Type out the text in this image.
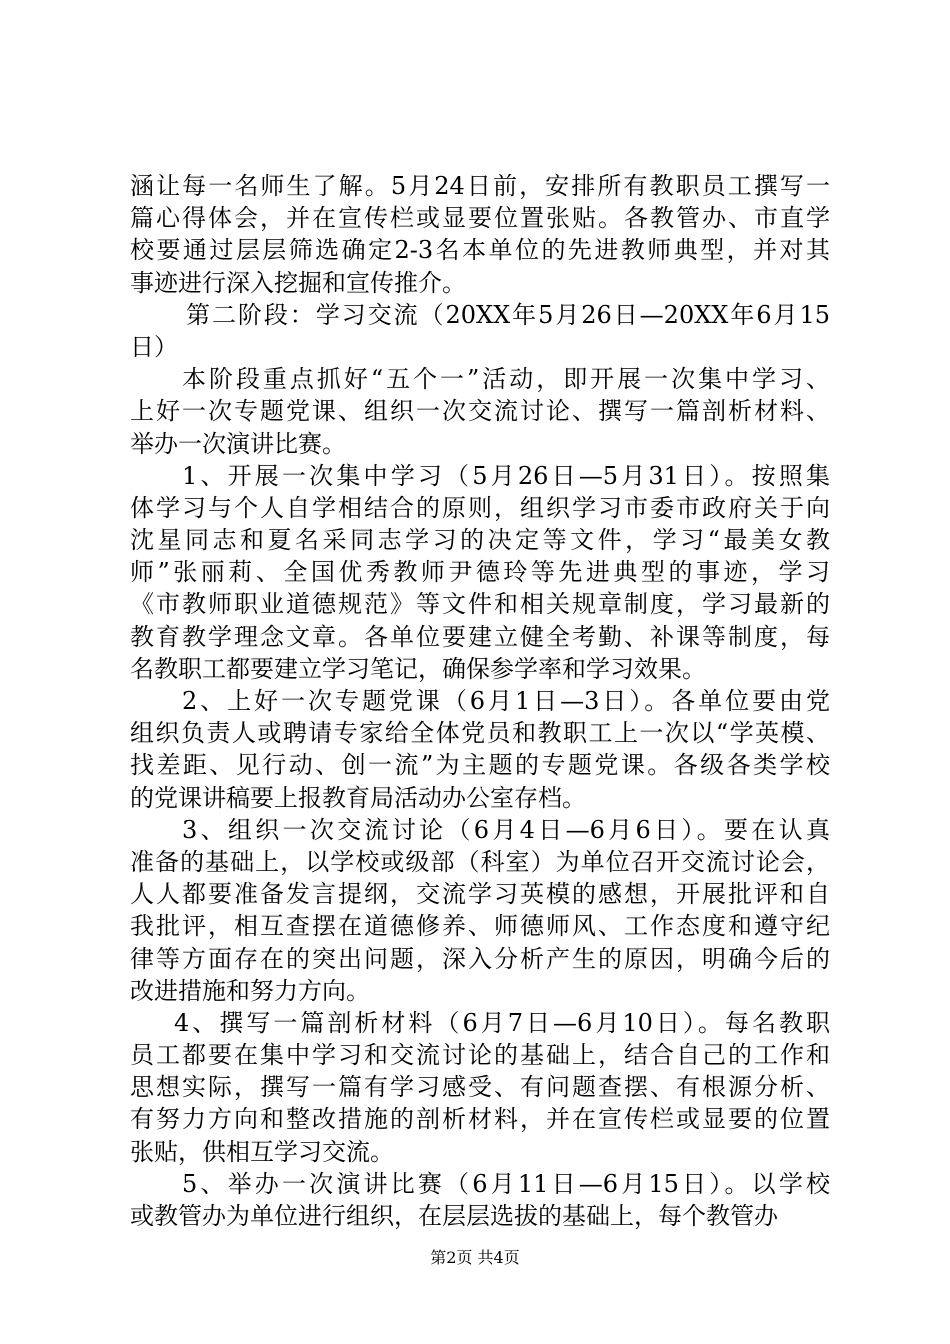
涵让每一名师生了解。5月24日前，安排所有教职员工撰写一
篇心得体会，并在宣传栏或显要位置张贴。各教管办、市直学
校要通过层层筛选确定2-3名本单位的先进教师典型，并对其
事迹进行深入挖掘和宣传推介。
第二阶段：学习交流（20XX年5月26日—20XX年6月15
日）
本阶段重点抓好“五个一”活动，即开展一次集中学习、
上好一次专题党课、组织一次交流讨论、撰写一篇剖析材料、
举办一次演讲比赛。
1、开展一次集中学习（5月26日—5月31日）。按照集
体学习与个人自学相结合的原则，组织学习市委市政府关于向
沈星同志和夏名采同志学习的决定等文件，学习“最美女教
师”张丽莉、全国优秀教师尹德玲等先进典型的事迹，学习
《市教师职业道德规范》等文件和相关规章制度，学习最新的
教育教学理念文章。各单位要建立健全考勤、补课等制度，每
名教职工都要建立学习笔记，确保参学率和学习效果。
2、上好一次专题党课（6月1日—3日）。各单位要由党
组织负责人或聘请专家给全体党员和教职工上一次以“学英模、
找差距、见行动、创一流”为主题的专题党课。各级各类学校
的党课讲稿要上报教育局活动办公室存档。
3、组织一次交流讨论（6月4日—6月6日）。要在认真
准备的基础上，以学校或级部（科室）为单位召开交流讨论会，
人人都要准备发言提纲，交流学习英模的感想，开展批评和自
我批评，相互查摆在道德修养、师德师风、工作态度和遵守纪
律等方面存在的突出问题，深入分析产生的原因，明确今后的
改进措施和努力方向。
4、撰写一篇剖析材料（6月7日—6月10日）。每名教职
员工都要在集中学习和交流讨论的基础上，结合自己的工作和
思想实际，撰写一篇有学习感受、有问题查摆、有根源分析、
有努力方向和整改措施的剖析材料，并在宣传栏或显要的位置
张贴，供相互学习交流。
5、举办一次演讲比赛（6月11日—6月15日）。以学校
或教管办为单位进行组织，在层层选拔的基础上，每个教管办
第2页 共4页
